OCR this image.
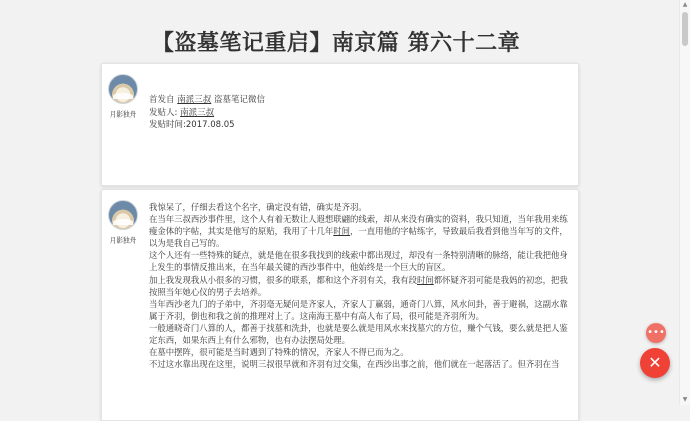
【盗墓笔记重启】南京篇 第六十二章
月影独舟
首发自 南派三叔 盗墓笔记微信
发贴人: 南派三叔
发贴时间:2017.08.05
月影独舟

我惊呆了，仔细去看这个名字，确定没有错，确实是齐羽。

在当年三叔西沙事件里，这个人有着无数让人遐想联翩的线索，却从来没有确实的资料，我只知道，当年我用来练瘦金体的字帖，其实是他写的原贴，我用了十几年时间，一直用他的字帖练字，导致最后我看到他当年写的文件，以为是我自己写的。

这个人还有一些特殊的疑点，就是他在很多我找到的线索中都出现过，却没有一条特别清晰的脉络，能让我把他身上发生的事情反推出来，在当年最关键的西沙事件中，他始终是一个巨大的盲区。

加上我发现我从小很多的习惯，很多的联系，都和这个齐羽有关，我有段时间都怀疑齐羽可能是我妈的初恋，把我按照当年她心仪的男子去培养。

当年西沙老九门的子弟中，齐羽毫无疑问是齐家人，齐家人丁赢弱，通奇门八算，风水问卦，善于避祸，这副水靠属于齐羽，倒也和我之前的推理对上了。这南海王墓中有高人布了局，很可能是齐羽所为。

一般通晓奇门八算的人，都善于找墓和洗卦，也就是要么就是用风水来找墓穴的方位，赚个气钱，要么就是把人鉴定东西，如果东西上有什么邪物，也有办法摆局处理。

在墓中摆阵，很可能是当时遇到了特殊的情况，齐家人不得已而为之。

不过这水靠出现在这里，说明三叔很早就和齐羽有过交集，在西沙出事之前，他们就在一起落活了。但齐羽在当

▲
▼
•••
✕
